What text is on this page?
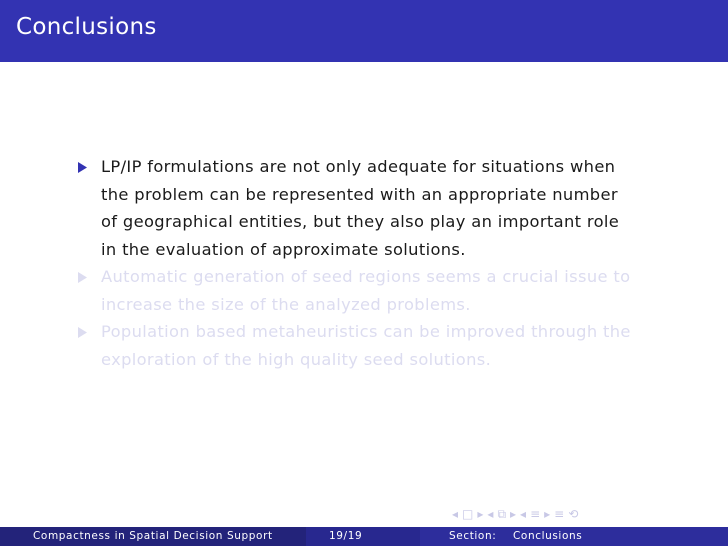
Conclusions
LP/IP formulations are not only adequate for situations when
the problem can be represented with an appropriate number
of geographical entities, but they also play an important role
in the evaluation of approximate solutions.
Automatic generation of seed regions seems a crucial issue to
increase the size of the analyzed problems.
Population based metaheuristics can be improved through the
exploration of the high quality seed solutions.
◂ □ ▸ ◂ ⧉ ▸ ◂ ≡ ▸ ≡ ⟲
Compactness in Spatial Decision Support	19/19	Section: Conclusions
